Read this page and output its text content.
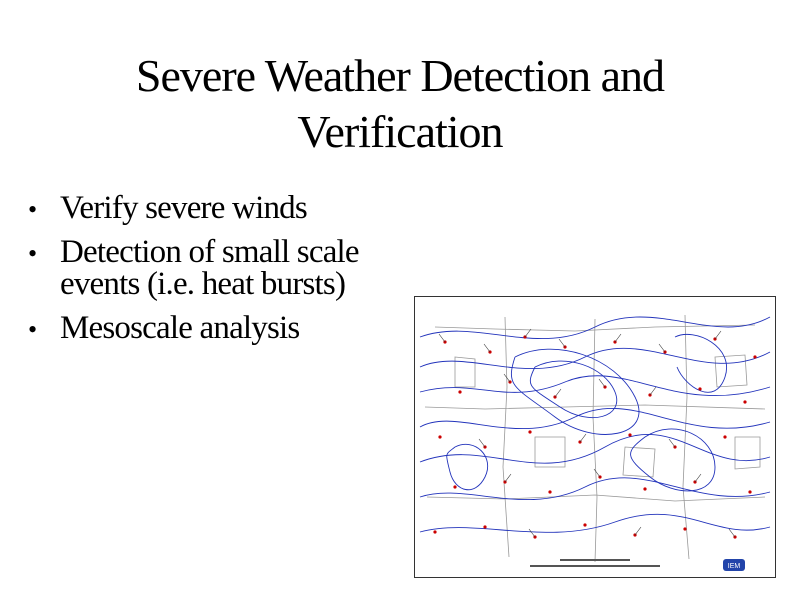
Severe Weather Detection and
Verification
• Verify severe winds
• Detection of small scale events (i.e. heat bursts)
• Mesoscale analysis
IEM
